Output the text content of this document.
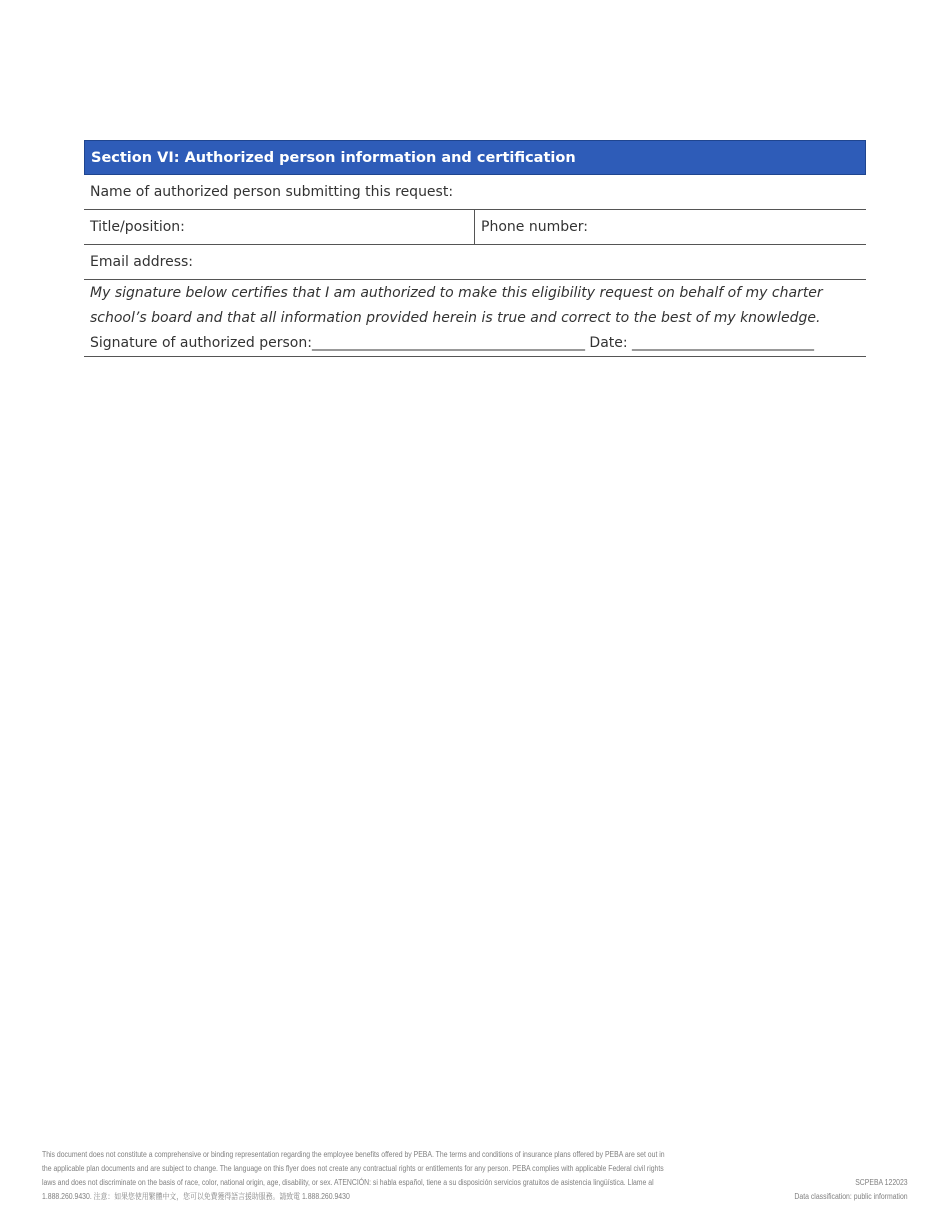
Section VI: Authorized person information and certification
Name of authorized person submitting this request:
Title/position:	Phone number:
Email address:
My signature below certifies that I am authorized to make this eligibility request on behalf of my charter school’s board and that all information provided herein is true and correct to the best of my knowledge.
Signature of authorized person:_______________________________________ Date: __________________________
This document does not constitute a comprehensive or binding representation regarding the employee benefits offered by PEBA. The terms and conditions of insurance plans offered by PEBA are set out in
the applicable plan documents and are subject to change. The language on this flyer does not create any contractual rights or entitlements for any person. PEBA complies with applicable Federal civil rights
laws and does not discriminate on the basis of race, color, national origin, age, disability, or sex. ATENCIÓN: si habla español, tiene a su disposición servicios gratuitos de asistencia lingüística. Llame al
1.888.260.9430. 注意：如果您使用繁體中文，您可以免費獲得語言援助服務。請致電 1.888.260.9430
SCPEBA 122023
Data classification: public information
